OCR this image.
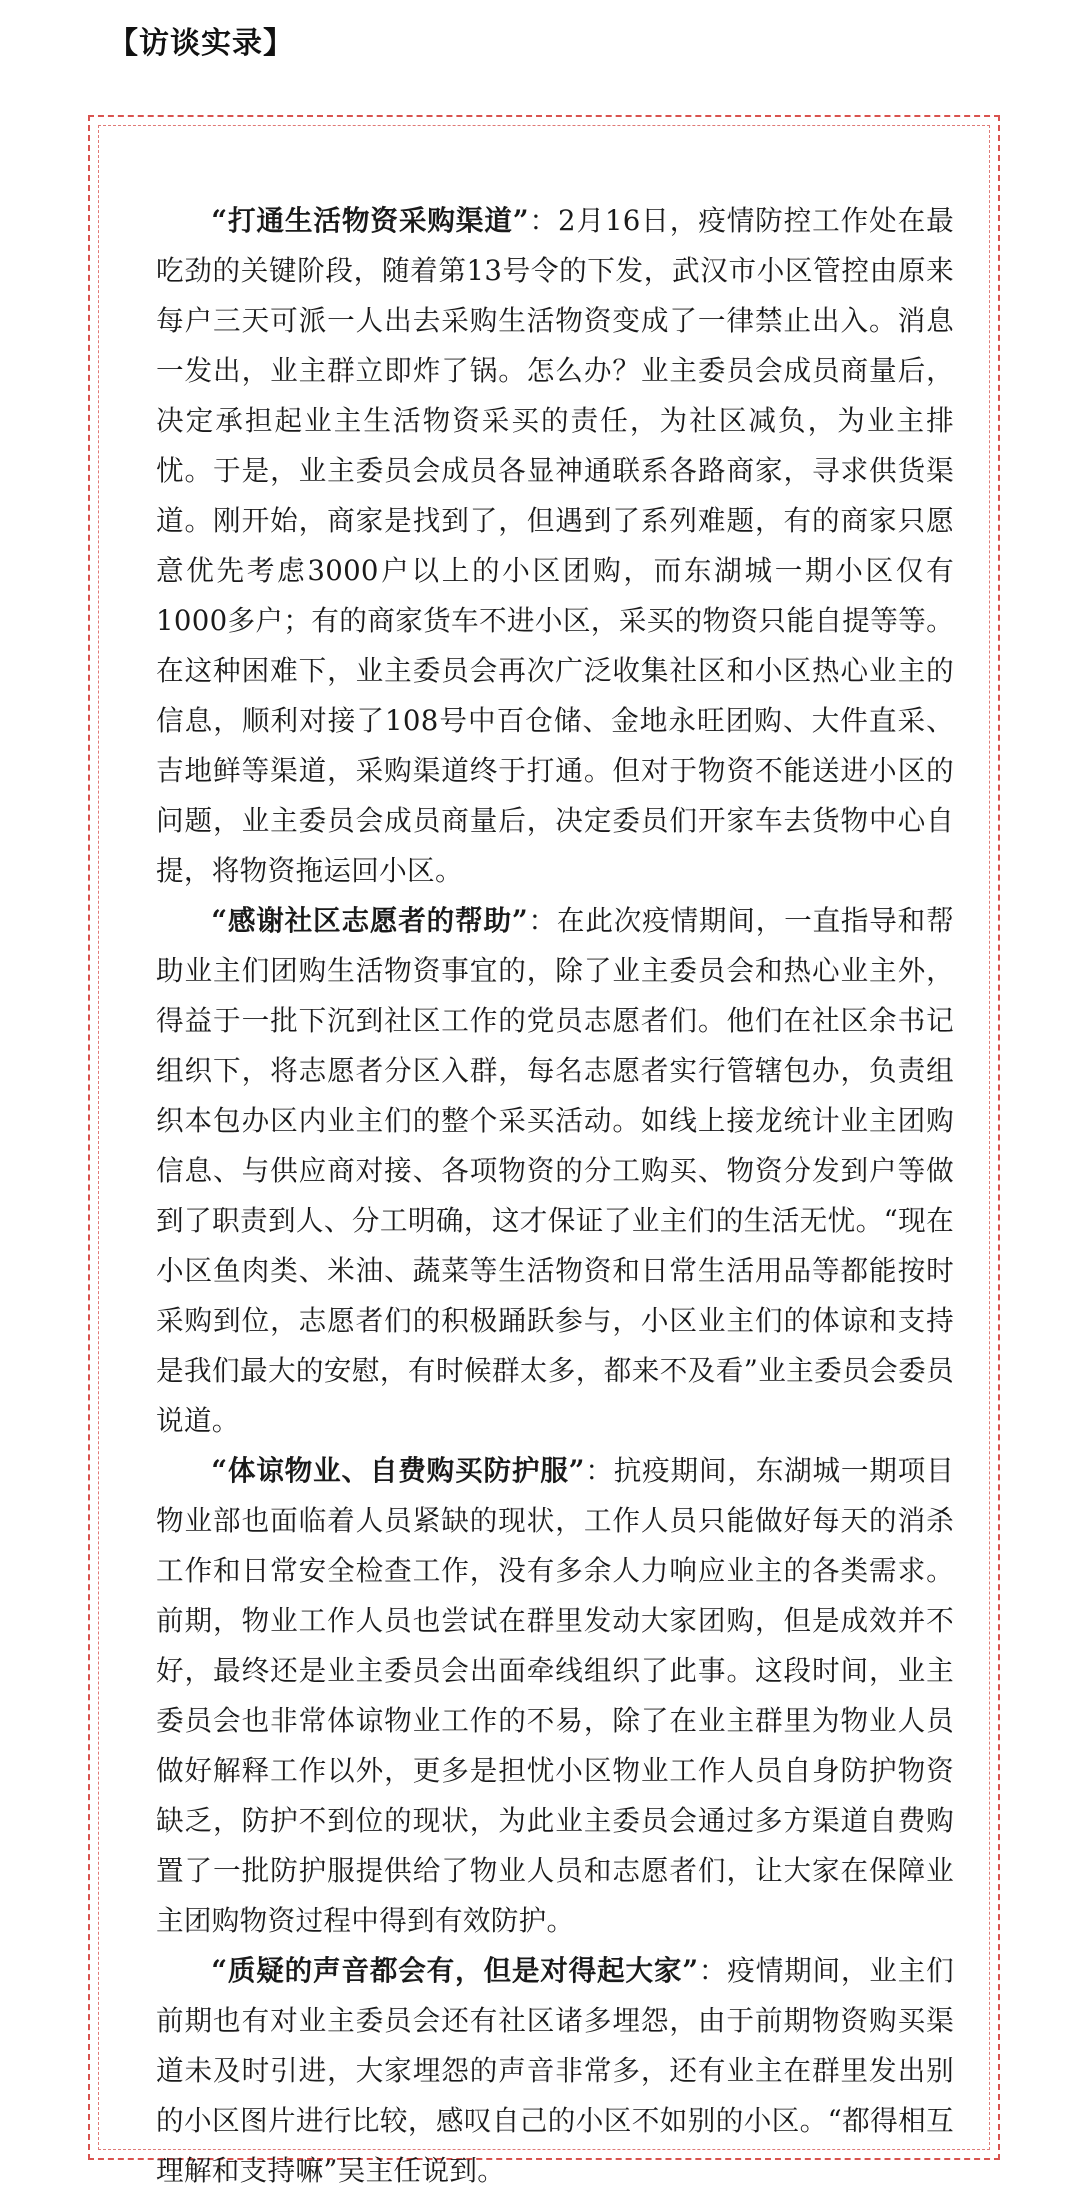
【访谈实录】

“打通生活物资采购渠道”：2月16日，疫情防控工作处在最吃劲的关键阶段，随着第13号令的下发，武汉市小区管控由原来每户三天可派一人出去采购生活物资变成了一律禁止出入。消息一发出，业主群立即炸了锅。怎么办？业主委员会成员商量后，决定承担起业主生活物资采买的责任，为社区减负，为业主排忧。于是，业主委员会成员各显神通联系各路商家，寻求供货渠道。刚开始，商家是找到了，但遇到了系列难题，有的商家只愿意优先考虑3000户以上的小区团购，而东湖城一期小区仅有1000多户；有的商家货车不进小区，采买的物资只能自提等等。在这种困难下，业主委员会再次广泛收集社区和小区热心业主的信息，顺利对接了108号中百仓储、金地永旺团购、大件直采、吉地鲜等渠道，采购渠道终于打通。但对于物资不能送进小区的问题，业主委员会成员商量后，决定委员们开家车去货物中心自提，将物资拖运回小区。

“感谢社区志愿者的帮助”：在此次疫情期间，一直指导和帮助业主们团购生活物资事宜的，除了业主委员会和热心业主外，得益于一批下沉到社区工作的党员志愿者们。他们在社区余书记组织下，将志愿者分区入群，每名志愿者实行管辖包办，负责组织本包办区内业主们的整个采买活动。如线上接龙统计业主团购信息、与供应商对接、各项物资的分工购买、物资分发到户等做到了职责到人、分工明确，这才保证了业主们的生活无忧。“现在小区鱼肉类、米油、蔬菜等生活物资和日常生活用品等都能按时采购到位，志愿者们的积极踊跃参与，小区业主们的体谅和支持是我们最大的安慰，有时候群太多，都来不及看”业主委员会委员说道。

“体谅物业、自费购买防护服”：抗疫期间，东湖城一期项目物业部也面临着人员紧缺的现状，工作人员只能做好每天的消杀工作和日常安全检查工作，没有多余人力响应业主的各类需求。前期，物业工作人员也尝试在群里发动大家团购，但是成效并不好，最终还是业主委员会出面牵线组织了此事。这段时间，业主委员会也非常体谅物业工作的不易，除了在业主群里为物业人员做好解释工作以外，更多是担忧小区物业工作人员自身防护物资缺乏，防护不到位的现状，为此业主委员会通过多方渠道自费购置了一批防护服提供给了物业人员和志愿者们，让大家在保障业主团购物资过程中得到有效防护。

“质疑的声音都会有，但是对得起大家”：疫情期间，业主们前期也有对业主委员会还有社区诸多埋怨，由于前期物资购买渠道未及时引进，大家埋怨的声音非常多，还有业主在群里发出别的小区图片进行比较，感叹自己的小区不如别的小区。“都得相互理解和支持嘛”吴主任说到。
